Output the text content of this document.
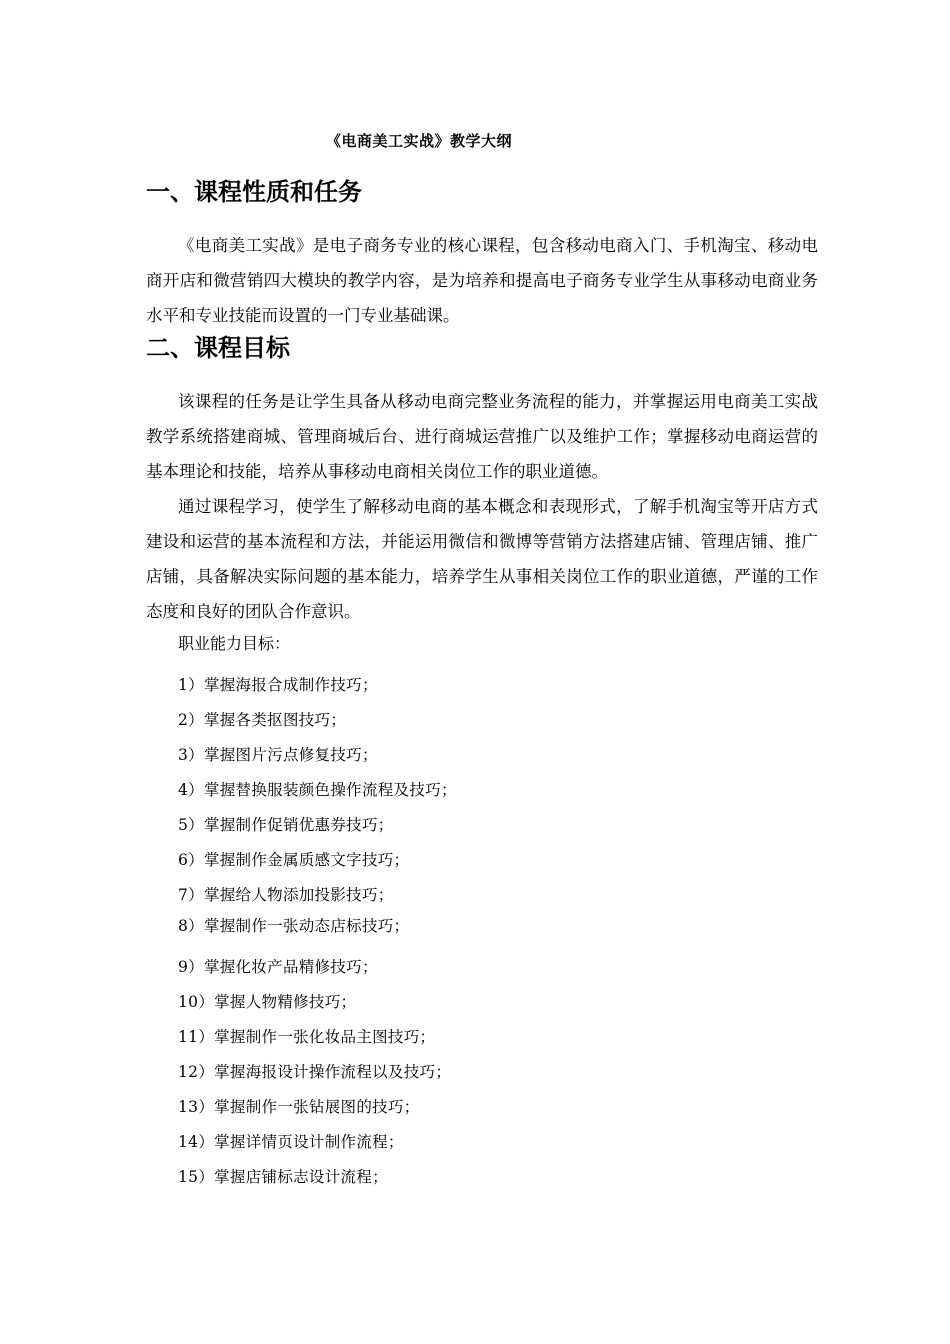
《电商美工实战》教学大纲
一、课程性质和任务
《电商美工实战》是电子商务专业的核心课程，包含移动电商入门、手机淘宝、移动电商开店和微营销四大模块的教学内容，是为培养和提高电子商务专业学生从事移动电商业务水平和专业技能而设置的一门专业基础课。
二、课程目标
该课程的任务是让学生具备从移动电商完整业务流程的能力，并掌握运用电商美工实战教学系统搭建商城、管理商城后台、进行商城运营推广以及维护工作；掌握移动电商运营的基本理论和技能，培养从事移动电商相关岗位工作的职业道德。
通过课程学习，使学生了解移动电商的基本概念和表现形式，了解手机淘宝等开店方式建设和运营的基本流程和方法，并能运用微信和微博等营销方法搭建店铺、管理店铺、推广店铺，具备解决实际问题的基本能力，培养学生从事相关岗位工作的职业道德，严谨的工作态度和良好的团队合作意识。
职业能力目标：
1）掌握海报合成制作技巧；
2）掌握各类抠图技巧；
3）掌握图片污点修复技巧；
4）掌握替换服装颜色操作流程及技巧；
5）掌握制作促销优惠券技巧；
6）掌握制作金属质感文字技巧；
7）掌握给人物添加投影技巧；
8）掌握制作一张动态店标技巧；
9）掌握化妆产品精修技巧；
10）掌握人物精修技巧；
11）掌握制作一张化妆品主图技巧；
12）掌握海报设计操作流程以及技巧；
13）掌握制作一张钻展图的技巧；
14）掌握详情页设计制作流程；
15）掌握店铺标志设计流程；
